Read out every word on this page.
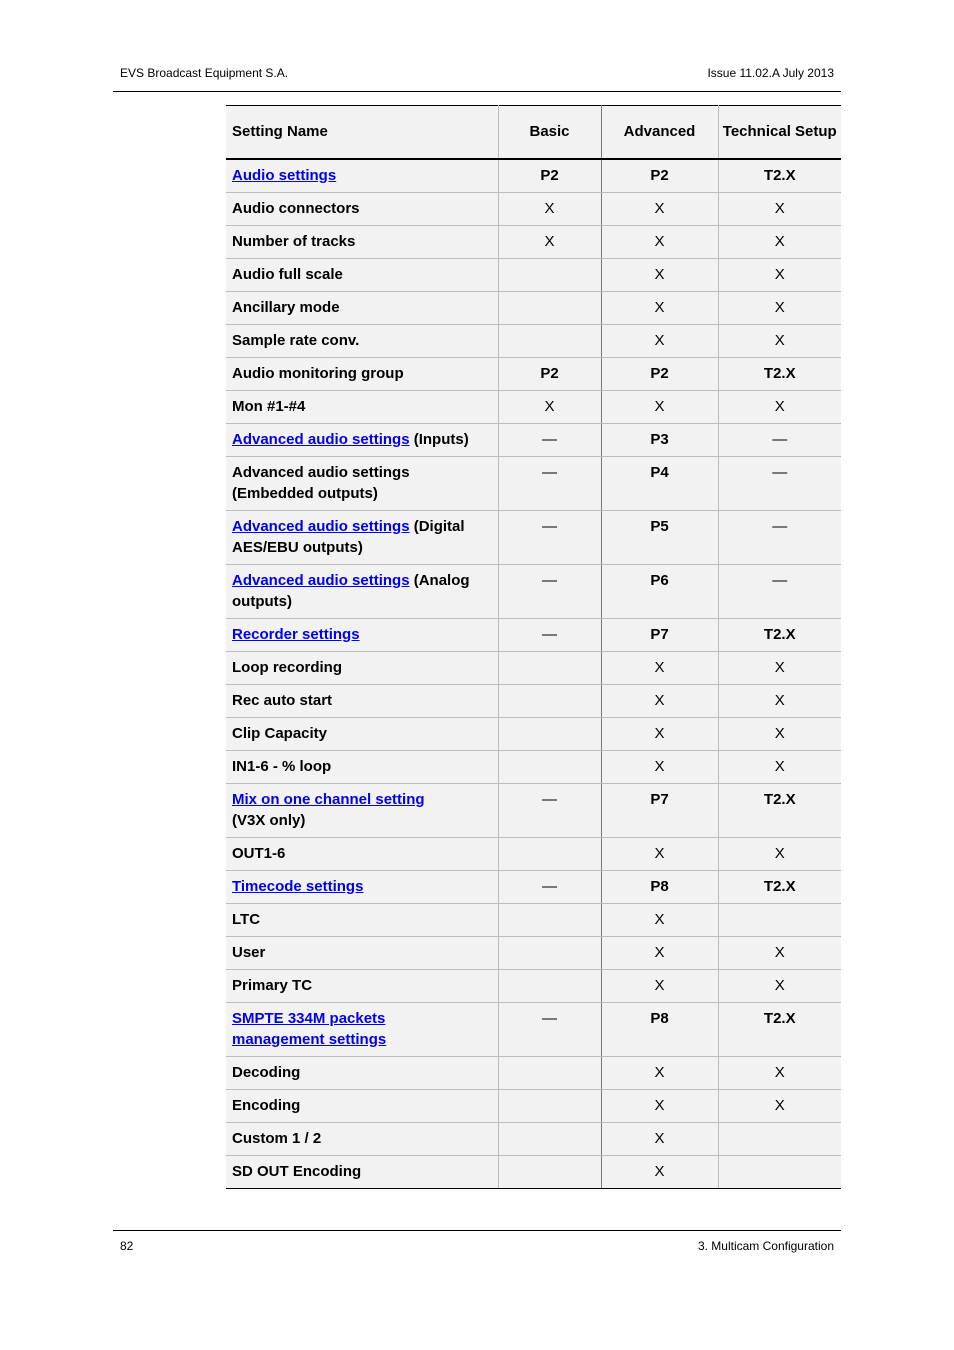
EVS Broadcast Equipment S.A.	Issue 11.02.A July 2013
Setting Name	Basic	Advanced	Technical Setup

Audio settings	P2	P2	T2.X

Audio connectors	X	X	X

Number of tracks	X	X	X

Audio full scale		X	X

Ancillary mode		X	X

Sample rate conv.		X	X

Audio monitoring group	P2	P2	T2.X

Mon #1-#4	X	X	X

Advanced audio settings (Inputs)	—	P3	—

Advanced audio settings (Embedded outputs)	—	P4	—

Advanced audio settings (Digital AES/EBU outputs)	—	P5	—

Advanced audio settings (Analog outputs)	—	P6	—

Recorder settings	—	P7	T2.X

Loop recording		X	X

Rec auto start		X	X

Clip Capacity		X	X

IN1-6 - % loop		X	X

Mix on one channel setting (V3X only)	—	P7	T2.X

OUT1-6		X	X

Timecode settings	—	P8	T2.X

LTC		X	

User		X	X

Primary TC		X	X

SMPTE 334M packets management settings	—	P8	T2.X

Decoding		X	X

Encoding		X	X

Custom 1 / 2		X	

SD OUT Encoding		X	
82	3. Multicam Configuration
